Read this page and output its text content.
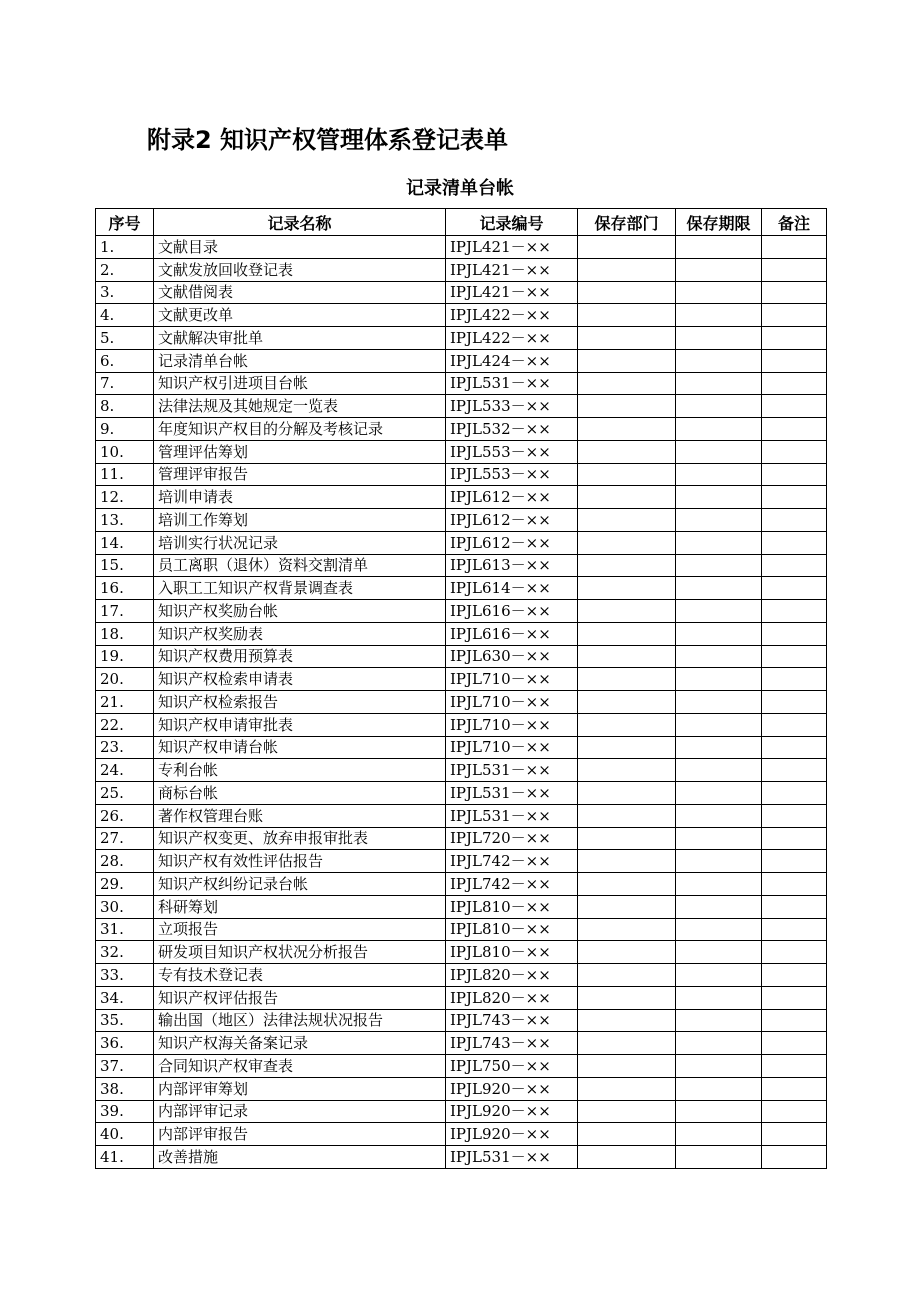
附录2 知识产权管理体系登记表单
记录清单台帐
序号	记录名称	记录编号	保存部门	保存期限	备注
1.	文献目录	IPJL421－××			
2.	文献发放回收登记表	IPJL421－××			
3.	文献借阅表	IPJL421－××			
4.	文献更改单	IPJL422－××			
5.	文献解决审批单	IPJL422－××			
6.	记录清单台帐	IPJL424－××			
7.	知识产权引进项目台帐	IPJL531－××			
8.	法律法规及其她规定一览表	IPJL533－××			
9.	年度知识产权目的分解及考核记录	IPJL532－××			
10.	管理评估筹划	IPJL553－××			
11.	管理评审报告	IPJL553－××			
12.	培训申请表	IPJL612－××			
13.	培训工作筹划	IPJL612－××			
14.	培训实行状况记录	IPJL612－××			
15.	员工离职（退休）资料交割清单	IPJL613－××			
16.	入职工工知识产权背景调查表	IPJL614－××			
17.	知识产权奖励台帐	IPJL616－××			
18.	知识产权奖励表	IPJL616－××			
19.	知识产权费用预算表	IPJL630－××			
20.	知识产权检索申请表	IPJL710－××			
21.	知识产权检索报告	IPJL710－××			
22.	知识产权申请审批表	IPJL710－××			
23.	知识产权申请台帐	IPJL710－××			
24.	专利台帐	IPJL531－××			
25.	商标台帐	IPJL531－××			
26.	著作权管理台账	IPJL531－××			
27.	知识产权变更、放弃申报审批表	IPJL720－××			
28.	知识产权有效性评估报告	IPJL742－××			
29.	知识产权纠纷记录台帐	IPJL742－××			
30.	科研筹划	IPJL810－××			
31.	立项报告	IPJL810－××			
32.	研发项目知识产权状况分析报告	IPJL810－××			
33.	专有技术登记表	IPJL820－××			
34.	知识产权评估报告	IPJL820－××			
35.	输出国（地区）法律法规状况报告	IPJL743－××			
36.	知识产权海关备案记录	IPJL743－××			
37.	合同知识产权审查表	IPJL750－××			
38.	内部评审筹划	IPJL920－××			
39.	内部评审记录	IPJL920－××			
40.	内部评审报告	IPJL920－××			
41.	改善措施	IPJL531－××			
